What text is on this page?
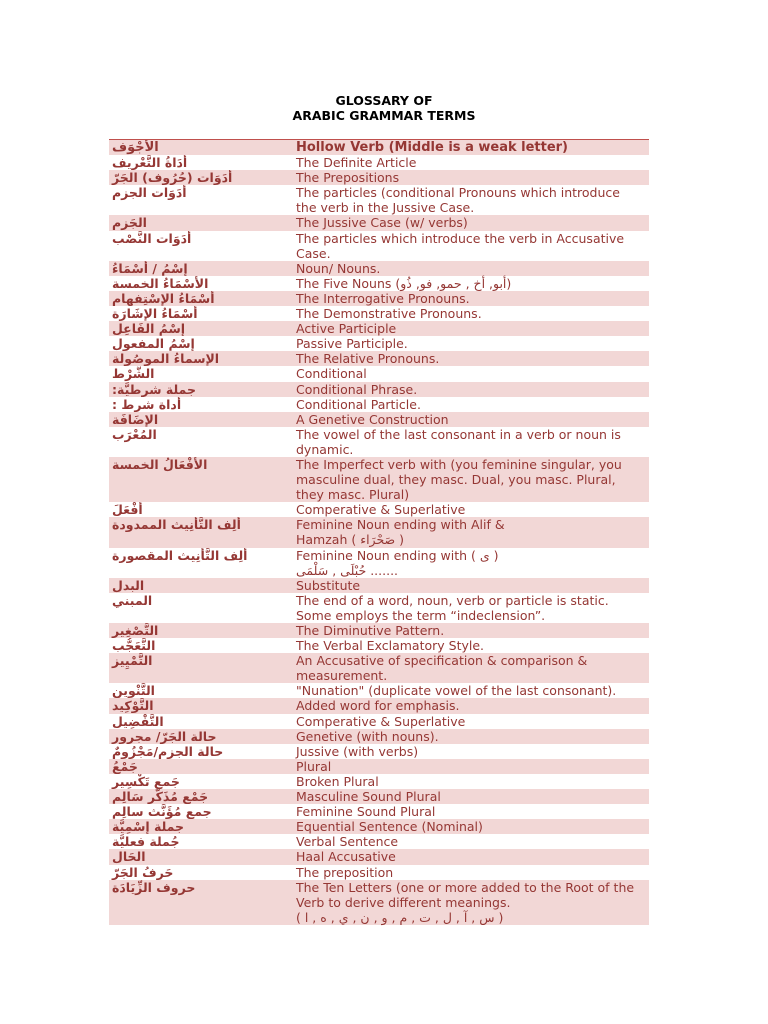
GLOSSARY OF
ARABIC GRAMMAR TERMS
الأجْوَف	Hollow Verb (Middle is a weak letter)
أَدَاةُ التَّعْرِيف	The Definite Article
أَدَوَات (حُرُوف) الجَرّ	The Prepositions
أدَوَات الجزم	The particles (conditional Pronouns which introduce
the verb in the Jussive Case.
الجَزم	The Jussive Case (w/ verbs)
أدَوَات النَّصْب	The particles which introduce the verb in Accusative
Case.
إسْمُ / أَسْمَاءُ	Noun/ Nouns.
الأَسْمَاءُ الخمسة	The Five Nouns (أبو, أخ , حمو, فو, ذُو)
أَسْمَاءُ الإسْتِفهام	The Interrogative Pronouns.
أَسْمَاءُ الإشَارَة	The Demonstrative Pronouns.
إسْمُ الفَاعِل	Active Participle
إسْمُ المفعول	Passive Participle.
الإسماءُ الموصُولة	The Relative Pronouns.
الشَّرْط	Conditional
جملة شرطيَّة:	Conditional Phrase.
أداة شرط :	Conditional Particle.
الإضَافَة	A Genetive Construction
المُعْرَب	The vowel of the last consonant in a verb or noun is
dynamic.
الأَفْعَالُ الخمسة	The Imperfect verb with (you feminine singular, you
masculine dual, they masc. Dual, you masc. Plural,
they masc. Plural)
أَفْعَلَ	Comperative & Superlative
أَلِف التَّأْنِيث الممدودة	Feminine Noun ending with Alif &
Hamzah ( صَحْرَاء )
أَلِف التَّأْنِيث المقصورة	Feminine Noun ending with ( ى )
حُبْلَى , سَلْمَى .......
البدل	Substitute
المبني	The end of a word, noun, verb or particle is static.
Some employs the term “indeclension”.
التَّصْغِير	The Diminutive Pattern.
التَّعَجُّب	The Verbal Exclamatory Style.
التَّمْيِيز	An Accusative of specification & comparison &
measurement.
التَّنْوِين	"Nunation" (duplicate vowel of the last consonant).
التَّوْكِيد	Added word for emphasis.
التَّفْضِيل	Comperative & Superlative
حالة الجَرّ/ مجرور	Genetive (with nouns).
حالة الجزم/مَجْزُومٌ	Jussive (with verbs)
جَمْعُ	Plural
جَمع تَكْسِير	Broken Plural
جَمْع مُذَكَّر سَالِم	Masculine Sound Plural
جمع مُؤَنَّث سالِم	Feminine Sound Plural
جملة إسْمِيَّة	Equential Sentence (Nominal)
جُملة فعليَّة	Verbal Sentence
الحَال	Haal Accusative
حَرفُ الجَرّ	The preposition
حروف الزِّيَادَة	The Ten Letters (one or more added to the Root of the
Verb to derive different meanings.
( س , آ , ل , ت , م , و , ن , ي , ه , ا )
